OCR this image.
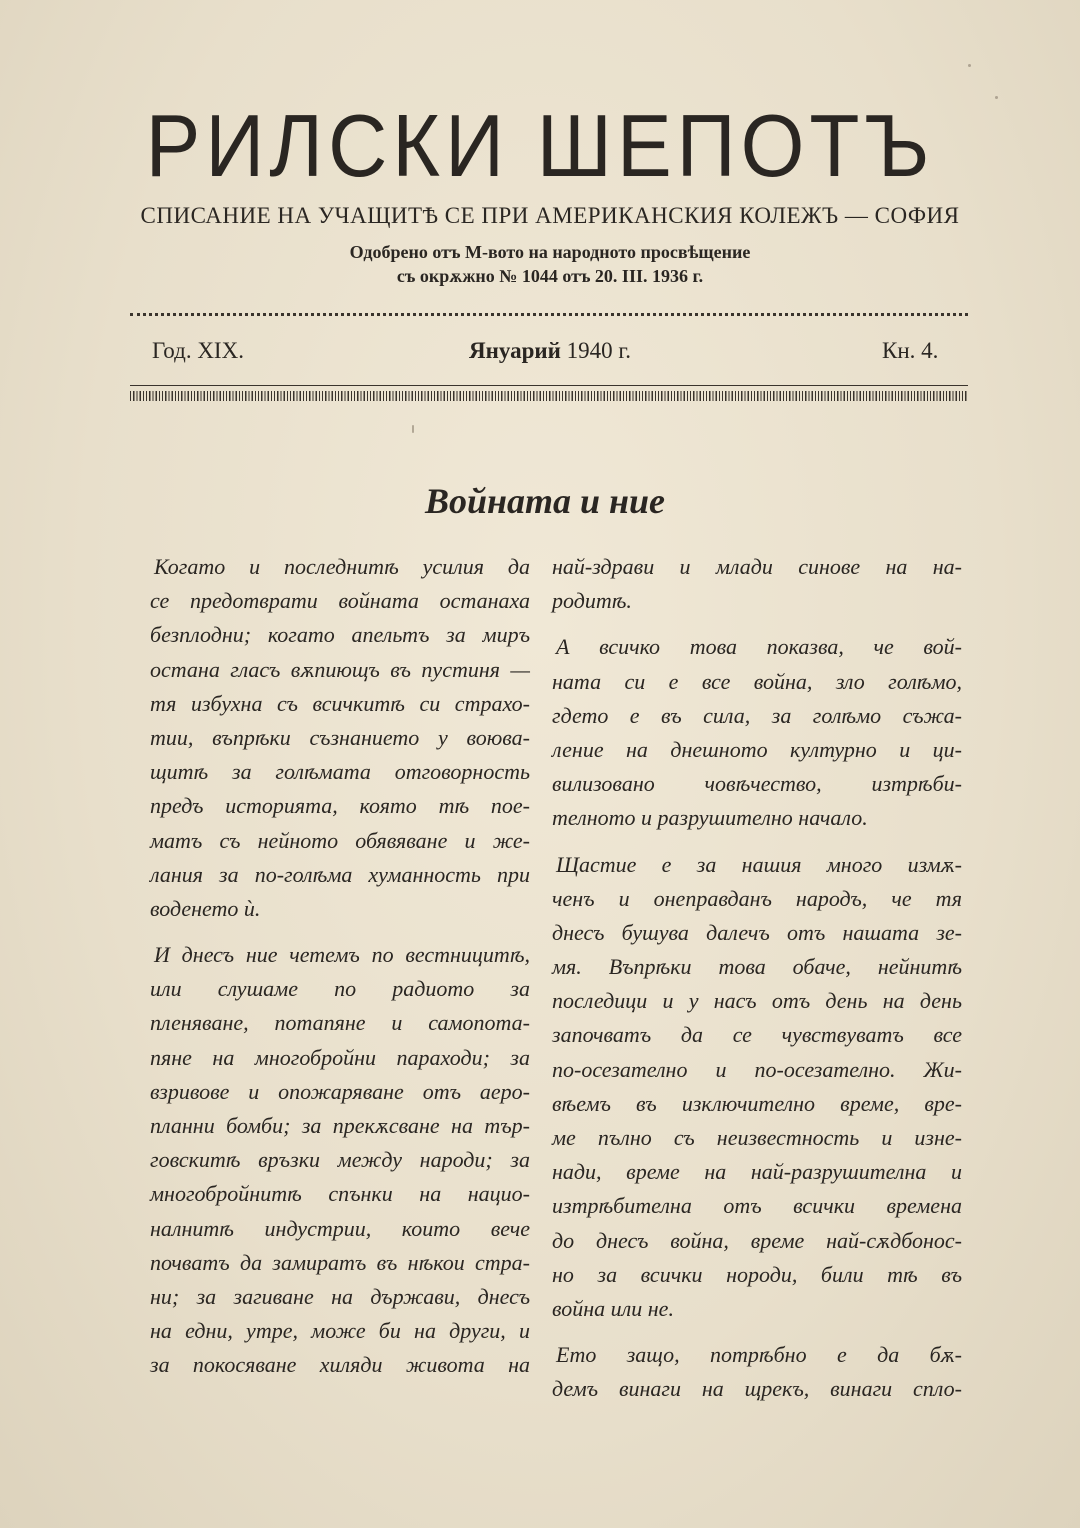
РИЛСКИ ШЕПОТЪ
СПИСАНИЕ НА УЧАЩИТѢ СЕ ПРИ АМЕРИКАНСКИЯ КОЛЕЖЪ — СОФИЯ
Одобрено отъ М-вото на народното просвѣщение
съ окрѫжно № 1044 отъ 20. III. 1936 г.
Год. XIX.	Януарий 1940 г.	Кн. 4.
Войната и ние
Когато и последнитѣ усилия да
се предотврати войната останаха
безплодни; когато апельтъ за миръ
остана гласъ вѫпиющъ въ пустиня —
тя избухна съ всичкитѣ си страхо-
тии, въпрѣки съзнанието у воюва-
щитѣ за голѣмата отговорность
предъ историята, която тѣ пое-
матъ съ нейното обявяване и же-
лания за по-голѣма хуманность при
воденето ѝ.
И днесъ ние четемъ по вестницитѣ,
или слушаме по радиото за
пленяване, потапяне и самопота-
пяне на многобройни параходи; за
взривове и опожаряване отъ аеро-
планни бомби; за прекѫсване на тър-
говскитѣ връзки между народи; за
многобройнитѣ спънки на нацио-
налнитѣ индустрии, които вече
почватъ да замиратъ въ нѣкои стра-
ни; за загиване на държави, днесъ
на едни, утре, може би на други, и
за покосяване хиляди живота на
най-здрави и млади синове на на-
родитѣ.
А всичко това показва, че вой-
ната си е все война, зло голѣмо,
гдето е въ сила, за голѣмо съжа-
ление на днешното културно и ци-
вилизовано човѣчество, изтрѣби-
телното и разрушително начало.
Щастие е за нашия много измѫ-
ченъ и онеправданъ народъ, че тя
днесъ бушува далечъ отъ нашата зе-
мя. Въпрѣки това обаче, нейнитѣ
последици и у насъ отъ день на день
започватъ да се чувствуватъ все
по-осезателно и по-осезателно. Жи-
вѣемъ въ изключително време, вре-
ме пълно съ неизвестность и изне-
нади, време на най-разрушителна и
изтрѣбителна отъ всички времена
до днесъ война, време най-сѫдбонос-
но за всички нороди, били тѣ въ
война или не.
Ето защо, потрѣбно е да бѫ-
демъ винаги на щрекъ, винаги спло-
